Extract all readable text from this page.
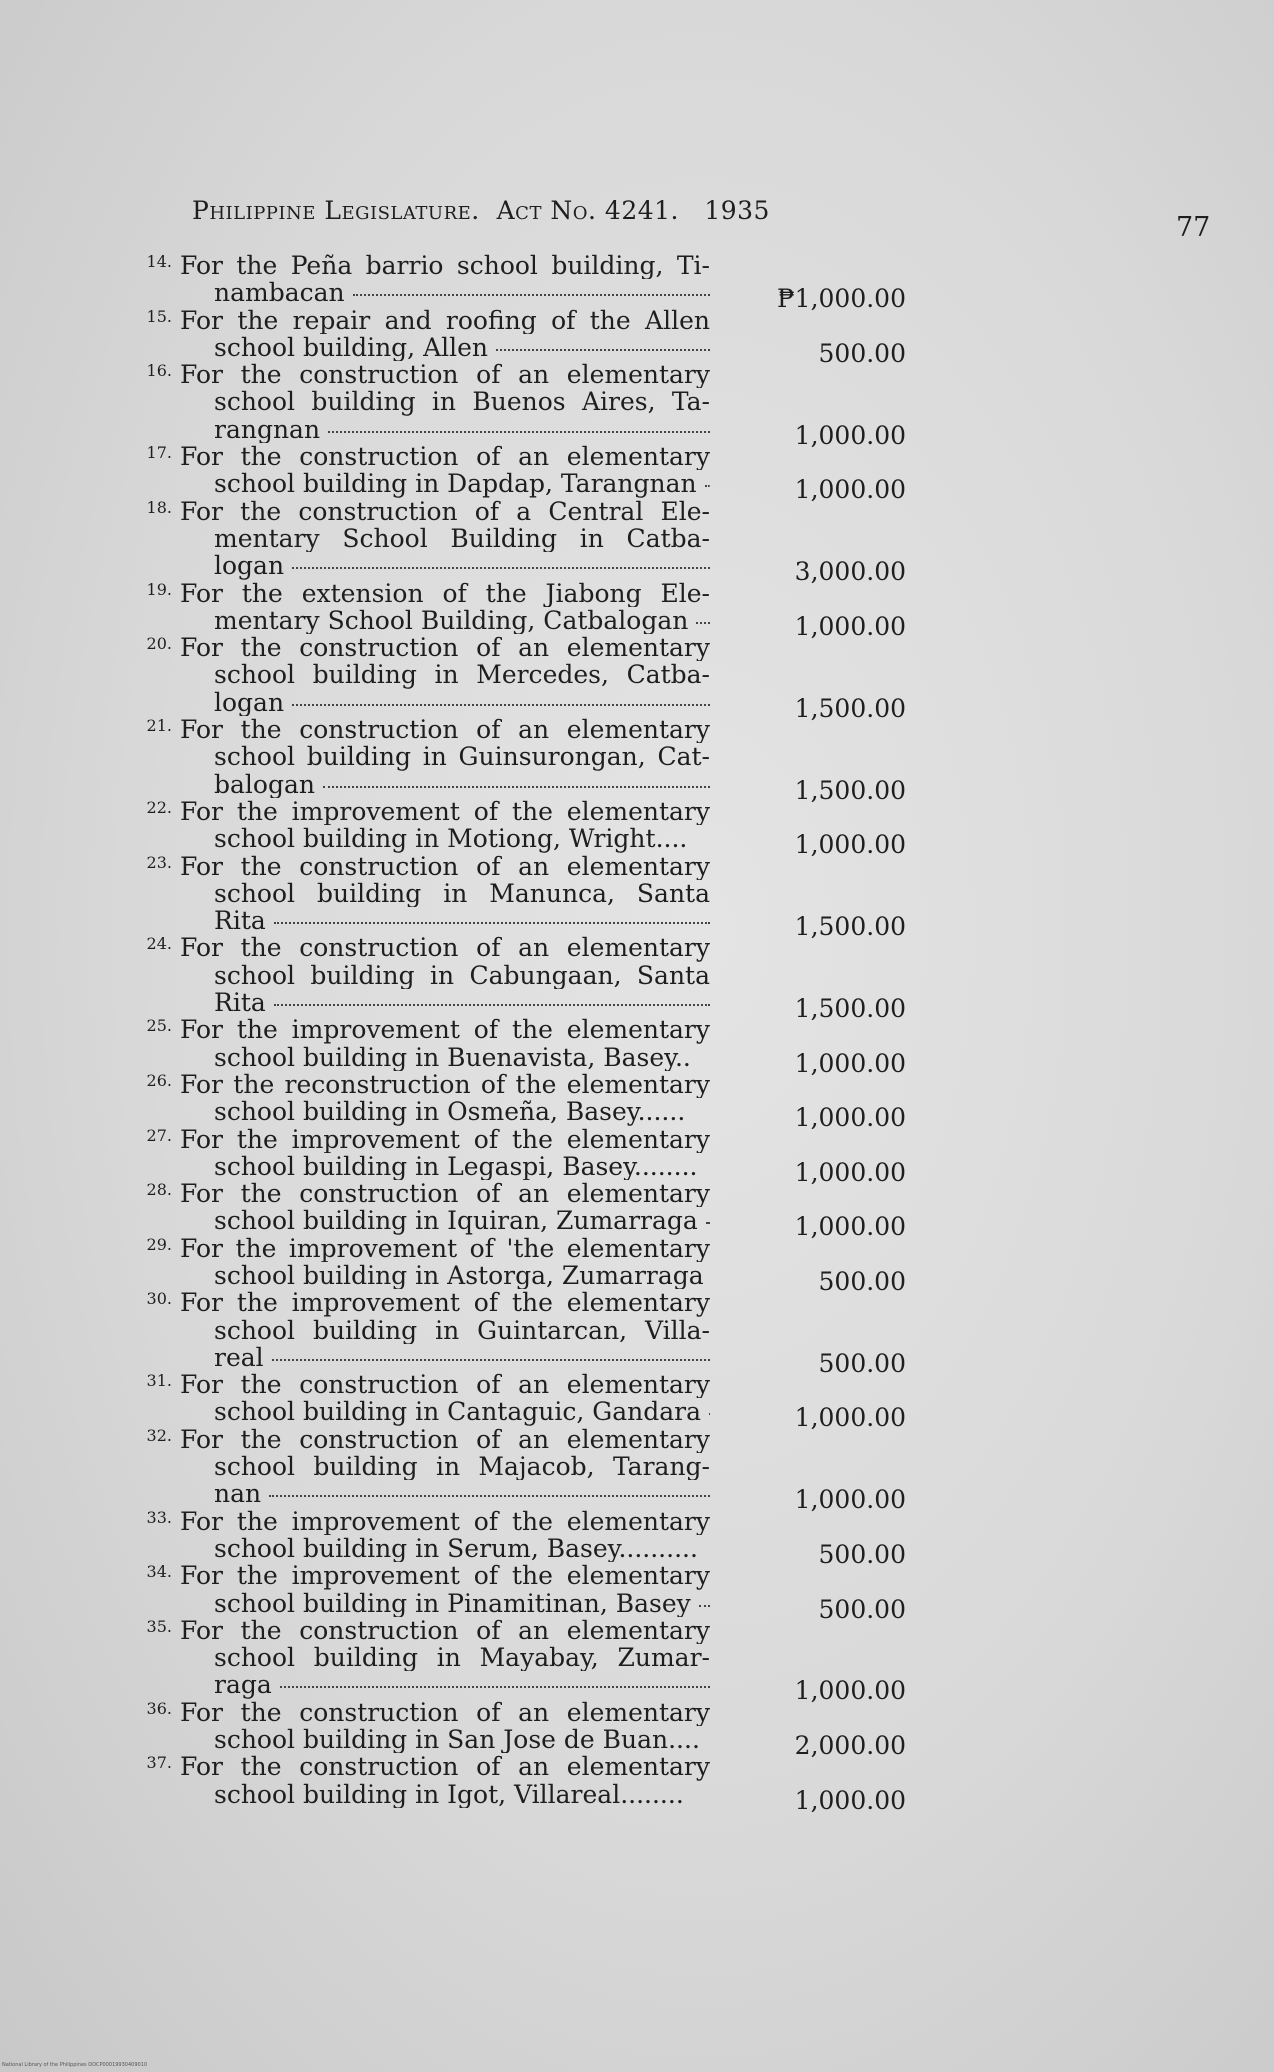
Philippine Legislature. Act No. 4241. 1935
77
14. For the Peña barrio school building, Ti-
nambacan	₱1,000.00
15. For the repair and roofing of the Allen
school building, Allen	500.00
16. For the construction of an elementary
school building in Buenos Aires, Ta-
rangnan	1,000.00
17. For the construction of an elementary
school building in Dapdap, Tarangnan	1,000.00
18. For the construction of a Central Ele-
mentary School Building in Catba-
logan	3,000.00
19. For the extension of the Jiabong Ele-
mentary School Building, Catbalogan	1,000.00
20. For the construction of an elementary
school building in Mercedes, Catba-
logan	1,500.00
21. For the construction of an elementary
school building in Guinsurongan, Cat-
balogan	1,500.00
22. For the improvement of the elementary
school building in Motiong, Wright....	1,000.00
23. For the construction of an elementary
school building in Manunca, Santa
Rita	1,500.00
24. For the construction of an elementary
school building in Cabungaan, Santa
Rita	1,500.00
25. For the improvement of the elementary
school building in Buenavista, Basey..	1,000.00
26. For the reconstruction of the elementary
school building in Osmeña, Basey......	1,000.00
27. For the improvement of the elementary
school building in Legaspi, Basey........	1,000.00
28. For the construction of an elementary
school building in Iquiran, Zumarraga	1,000.00
29. For the improvement of 'the elementary
school building in Astorga, Zumarraga	500.00
30. For the improvement of the elementary
school building in Guintarcan, Villa-
real	500.00
31. For the construction of an elementary
school building in Cantaguic, Gandara	1,000.00
32. For the construction of an elementary
school building in Majacob, Tarang-
nan	1,000.00
33. For the improvement of the elementary
school building in Serum, Basey..........	500.00
34. For the improvement of the elementary
school building in Pinamitinan, Basey	500.00
35. For the construction of an elementary
school building in Mayabay, Zumar-
raga	1,000.00
36. For the construction of an elementary
school building in San Jose de Buan....	2,000.00
37. For the construction of an elementary
school building in Igot, Villareal........	1,000.00
National Library of the Philippines DOCP00019930409010
